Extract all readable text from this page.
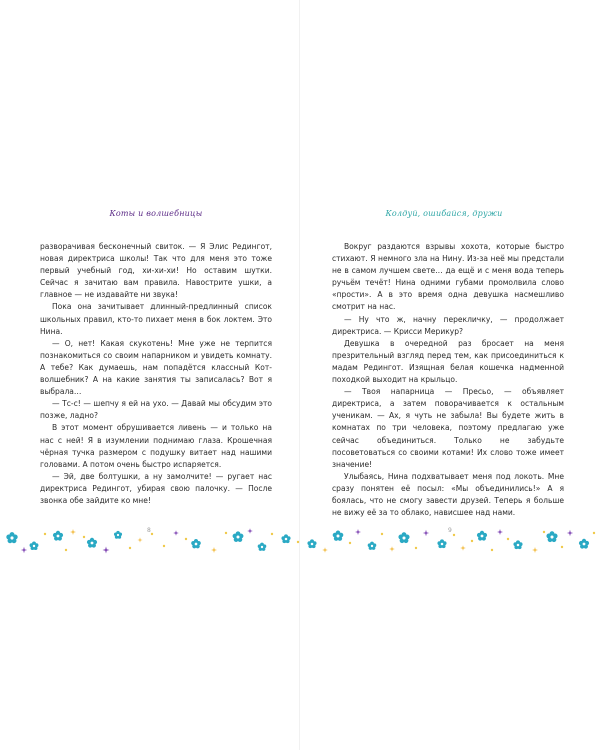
Коты и волшебницы

разворачивая бесконечный свиток. — Я Элис Редингот, новая директриса школы! Так что для меня это тоже первый учебный год, хи-хи-хи! Но оставим шутки. Сейчас я зачитаю вам правила. Навострите ушки, а главное — не издавайте ни звука!

Пока она зачитывает длинный-предлинный список школьных правил, кто-то пихает меня в бок локтем. Это Нина.

— О, нет! Какая скукотень! Мне уже не терпится познакомиться со своим напарником и увидеть комнату. А тебе? Как думаешь, нам попадётся классный Кот-волшебник? А на какие занятия ты записалась? Вот я выбрала…

— Тс-с! — шепчу я ей на ухо. — Давай мы обсудим это позже, ладно?

В этот момент обрушивается ливень — и только на нас с ней! Я в изумлении поднимаю глаза. Крошечная чёрная тучка размером с подушку витает над нашими головами. А потом очень быстро испаряется.

— Эй, две болтушки, а ну замолчите! — ругает нас директриса Редингот, убирая свою палочку. — После звонка обе зайдите ко мне!

Колдуй, ошибайся, дружи

Вокруг раздаются взрывы хохота, которые быстро стихают. Я немного зла на Нину. Из-за неё мы предстали не в самом лучшем свете… да ещё и с меня вода теперь ручьём течёт! Нина одними губами промолвила слово «прости». А в это время одна девушка насмешливо смотрит на нас.

— Ну что ж, начну перекличку, — продолжает директриса. — Крисси Мерикур?

Девушка в очередной раз бросает на меня презрительный взгляд перед тем, как присоединиться к мадам Редингот. Изящная белая кошечка надменной походкой выходит на крыльцо.

— Твоя напарница — Пресьо, — объявляет директриса, а затем поворачивается к остальным ученикам. — Ах, я чуть не забыла! Вы будете жить в комнатах по три человека, поэтому предлагаю уже сейчас объединиться. Только не забудьте посоветоваться со своими котами! Их слово тоже имеет значение!

Улыбаясь, Нина подхватывает меня под локоть. Мне сразу понятен её посыл: «Мы объединились!» А я боялась, что не смогу завести друзей. Теперь я больше не вижу её за то облако, нависшее над нами.

8	9
